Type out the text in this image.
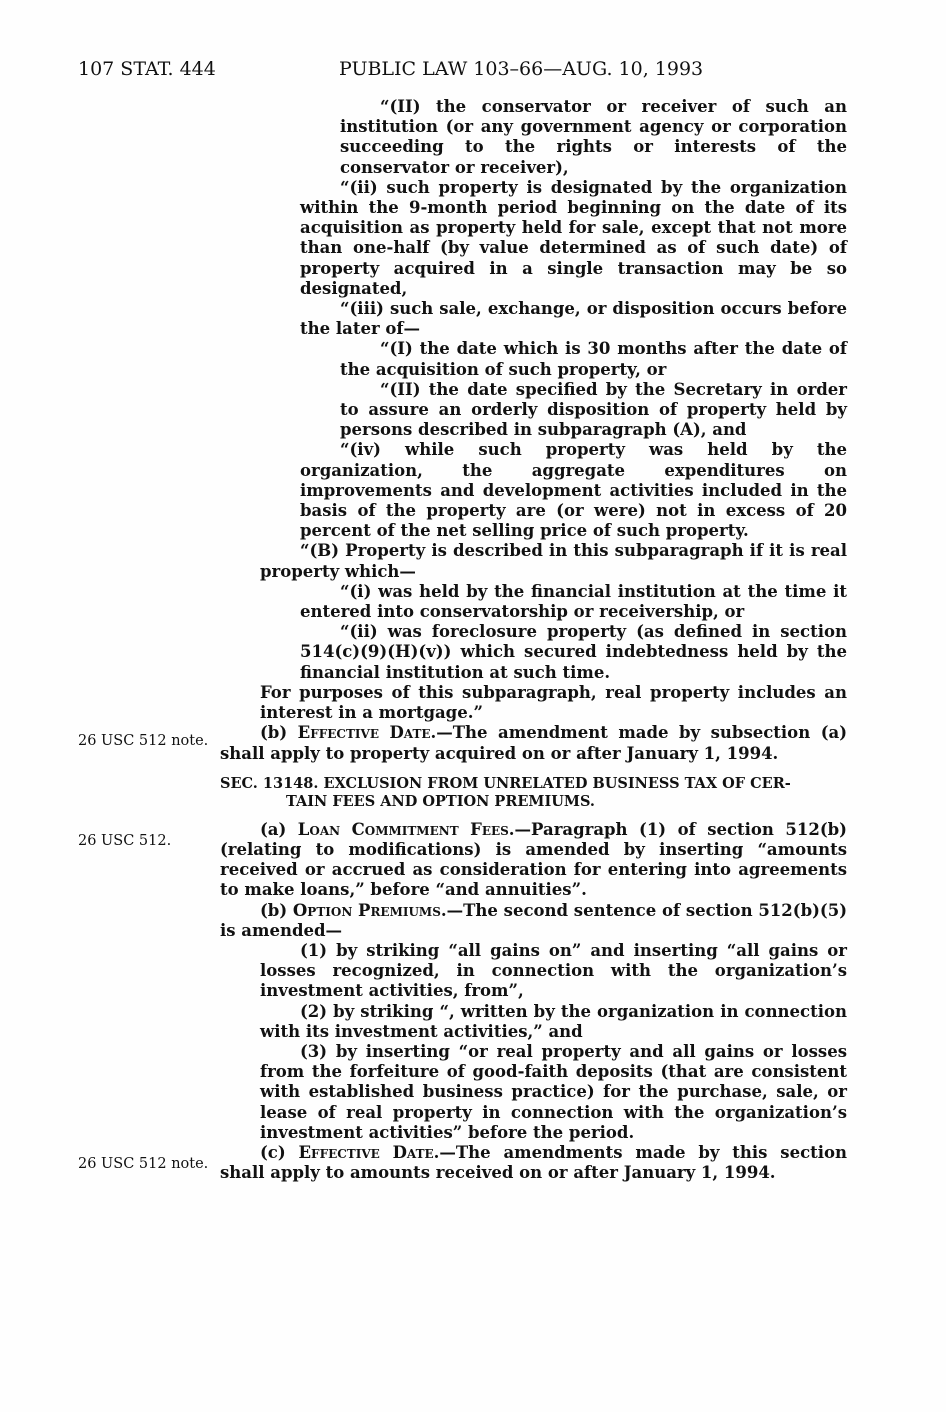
107 STAT. 444	PUBLIC LAW 103–66—AUG. 10, 1993
26 USC 512 note.
26 USC 512.
26 USC 512 note.

“(II) the conservator or receiver of such an institution (or any government agency or corporation succeeding to the rights or interests of the conservator or receiver),

“(ii) such property is designated by the organization within the 9-month period beginning on the date of its acquisition as property held for sale, except that not more than one-half (by value determined as of such date) of property acquired in a single transaction may be so designated,

“(iii) such sale, exchange, or disposition occurs before the later of—

“(I) the date which is 30 months after the date of the acquisition of such property, or

“(II) the date specified by the Secretary in order to assure an orderly disposition of property held by persons described in subparagraph (A), and

“(iv) while such property was held by the organization, the aggregate expenditures on improvements and development activities included in the basis of the property are (or were) not in excess of 20 percent of the net selling price of such property.

“(B) Property is described in this subparagraph if it is real property which—

“(i) was held by the financial institution at the time it entered into conservatorship or receivership, or

“(ii) was foreclosure property (as defined in section 514(c)(9)(H)(v)) which secured indebtedness held by the financial institution at such time.

For purposes of this subparagraph, real property includes an interest in a mortgage.”

(b) Effective Date.—The amendment made by subsection (a) shall apply to property acquired on or after January 1, 1994.

SEC. 13148. EXCLUSION FROM UNRELATED BUSINESS TAX OF CER-
TAIN FEES AND OPTION PREMIUMS.

(a) Loan Commitment Fees.—Paragraph (1) of section 512(b) (relating to modifications) is amended by inserting “amounts received or accrued as consideration for entering into agreements to make loans,” before “and annuities”.

(b) Option Premiums.—The second sentence of section 512(b)(5) is amended—

(1) by striking “all gains on” and inserting “all gains or losses recognized, in connection with the organization’s investment activities, from”,

(2) by striking “, written by the organization in connection with its investment activities,” and

(3) by inserting “or real property and all gains or losses from the forfeiture of good-faith deposits (that are consistent with established business practice) for the purchase, sale, or lease of real property in connection with the organization’s investment activities” before the period.

(c) Effective Date.—The amendments made by this section shall apply to amounts received on or after January 1, 1994.
